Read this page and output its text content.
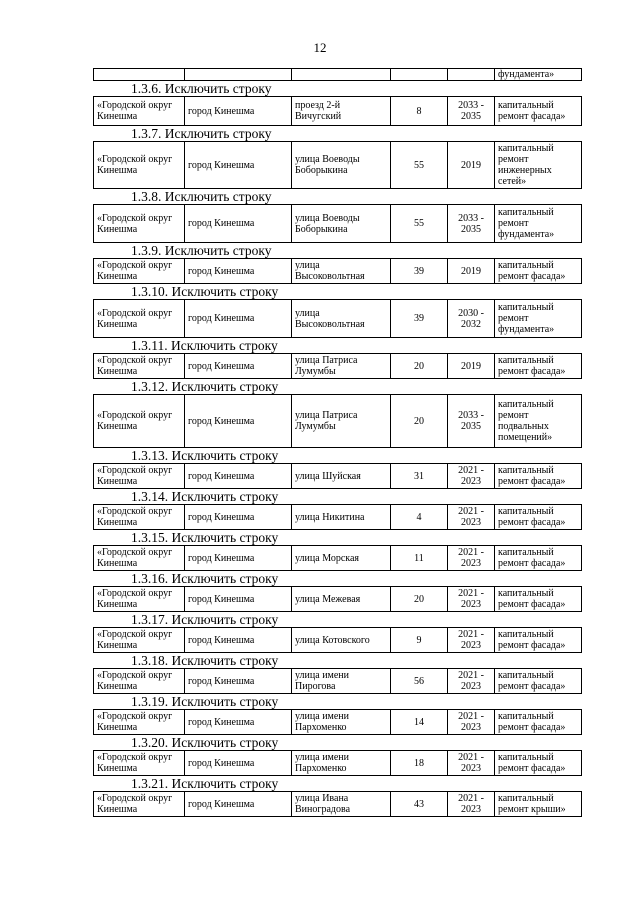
12
					фундамента»
1.3.6. Исключить строку
«Городской округ Кинешма	город Кинешма	проезд 2-й Вичугский	8	2033 - 2035	капитальный ремонт фасада»
1.3.7. Исключить строку
«Городской округ Кинешма	город Кинешма	улица Воеводы Боборыкина	55	2019	капитальный ремонт инженерных сетей»
1.3.8. Исключить строку
«Городской округ Кинешма	город Кинешма	улица Воеводы Боборыкина	55	2033 - 2035	капитальный ремонт фундамента»
1.3.9. Исключить строку
«Городской округ Кинешма	город Кинешма	улица Высоковольтная	39	2019	капитальный ремонт фасада»
1.3.10. Исключить строку
«Городской округ Кинешма	город Кинешма	улица Высоковольтная	39	2030 - 2032	капитальный ремонт фундамента»
1.3.11. Исключить строку
«Городской округ Кинешма	город Кинешма	улица Патриса Лумумбы	20	2019	капитальный ремонт фасада»
1.3.12. Исключить строку
«Городской округ Кинешма	город Кинешма	улица Патриса Лумумбы	20	2033 - 2035	капитальный ремонт подвальных помещений»
1.3.13. Исключить строку
«Городской округ Кинешма	город Кинешма	улица Шуйская	31	2021 - 2023	капитальный ремонт фасада»
1.3.14. Исключить строку
«Городской округ Кинешма	город Кинешма	улица Никитина	4	2021 - 2023	капитальный ремонт фасада»
1.3.15. Исключить строку
«Городской округ Кинешма	город Кинешма	улица Морская	11	2021 - 2023	капитальный ремонт фасада»
1.3.16. Исключить строку
«Городской округ Кинешма	город Кинешма	улица Межевая	20	2021 - 2023	капитальный ремонт фасада»
1.3.17. Исключить строку
«Городской округ Кинешма	город Кинешма	улица Котовского	9	2021 - 2023	капитальный ремонт фасада»
1.3.18. Исключить строку
«Городской округ Кинешма	город Кинешма	улица имени Пирогова	56	2021 - 2023	капитальный ремонт фасада»
1.3.19. Исключить строку
«Городской округ Кинешма	город Кинешма	улица имени Пархоменко	14	2021 - 2023	капитальный ремонт фасада»
1.3.20. Исключить строку
«Городской округ Кинешма	город Кинешма	улица имени Пархоменко	18	2021 - 2023	капитальный ремонт фасада»
1.3.21. Исключить строку
«Городской округ Кинешма	город Кинешма	улица Ивана Виноградова	43	2021 - 2023	капитальный ремонт крыши»
